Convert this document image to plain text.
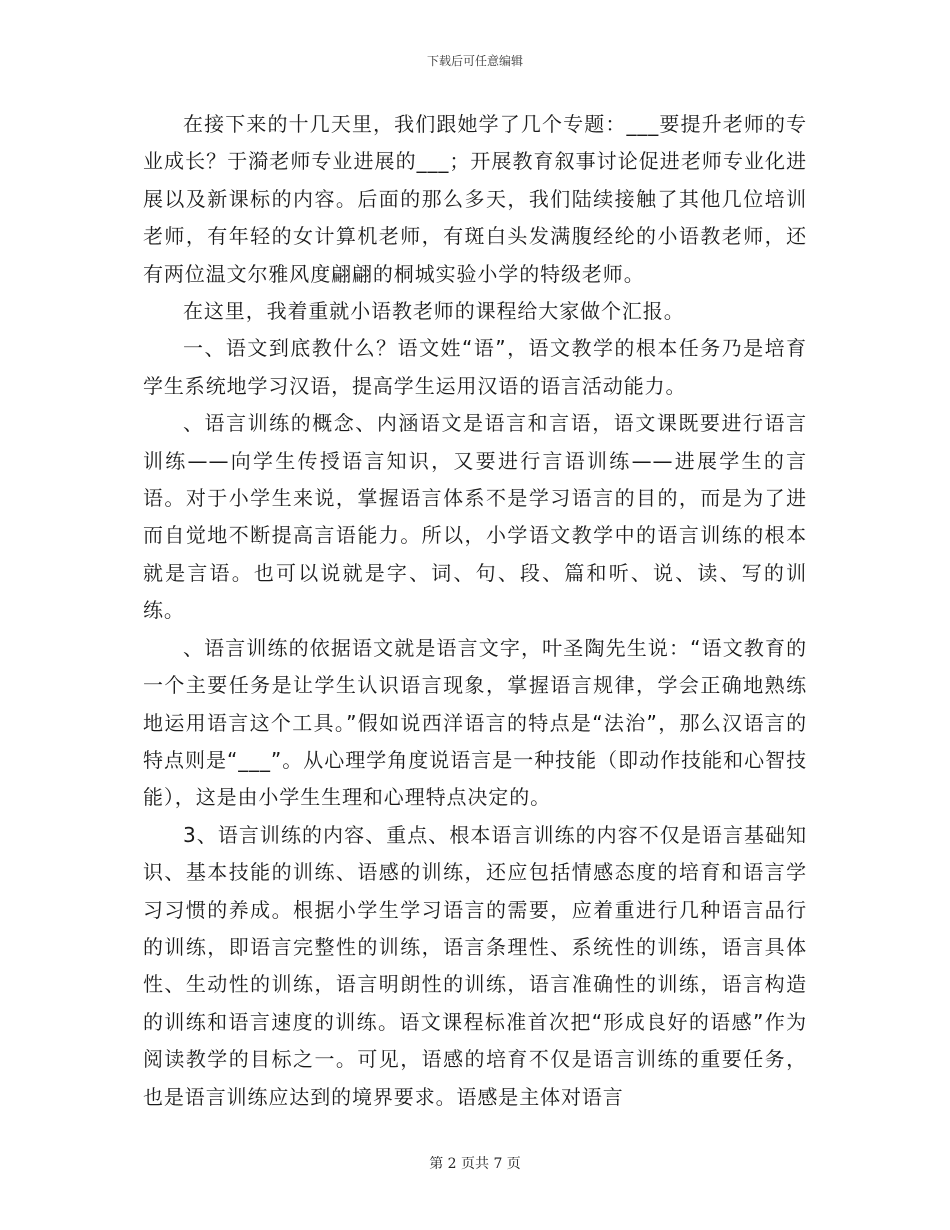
下载后可任意编辑

在接下来的十几天里，我们跟她学了几个专题：___要提升老师的专业成长？于漪老师专业进展的___；开展教育叙事讨论促进老师专业化进展以及新课标的内容。后面的那么多天，我们陆续接触了其他几位培训老师，有年轻的女计算机老师，有斑白头发满腹经纶的小语教老师，还有两位温文尔雅风度翩翩的桐城实验小学的特级老师。

在这里，我着重就小语教老师的课程给大家做个汇报。

一、语文到底教什么？语文姓“语”，语文教学的根本任务乃是培育学生系统地学习汉语，提高学生运用汉语的语言活动能力。

、语言训练的概念、内涵语文是语言和言语，语文课既要进行语言训练——向学生传授语言知识，又要进行言语训练——进展学生的言语。对于小学生来说，掌握语言体系不是学习语言的目的，而是为了进而自觉地不断提高言语能力。所以，小学语文教学中的语言训练的根本就是言语。也可以说就是字、词、句、段、篇和听、说、读、写的训练。

、语言训练的依据语文就是语言文字，叶圣陶先生说：“语文教育的一个主要任务是让学生认识语言现象，掌握语言规律，学会正确地熟练地运用语言这个工具。”假如说西洋语言的特点是“法治”，那么汉语言的特点则是“___”。从心理学角度说语言是一种技能（即动作技能和心智技能），这是由小学生生理和心理特点决定的。

3、语言训练的内容、重点、根本语言训练的内容不仅是语言基础知识、基本技能的训练、语感的训练，还应包括情感态度的培育和语言学习习惯的养成。根据小学生学习语言的需要，应着重进行几种语言品行的训练，即语言完整性的训练，语言条理性、系统性的训练，语言具体性、生动性的训练，语言明朗性的训练，语言准确性的训练，语言构造的训练和语言速度的训练。语文课程标准首次把“形成良好的语感”作为阅读教学的目标之一。可见，语感的培育不仅是语言训练的重要任务，也是语言训练应达到的境界要求。语感是主体对语言

第 2 页共 7 页
